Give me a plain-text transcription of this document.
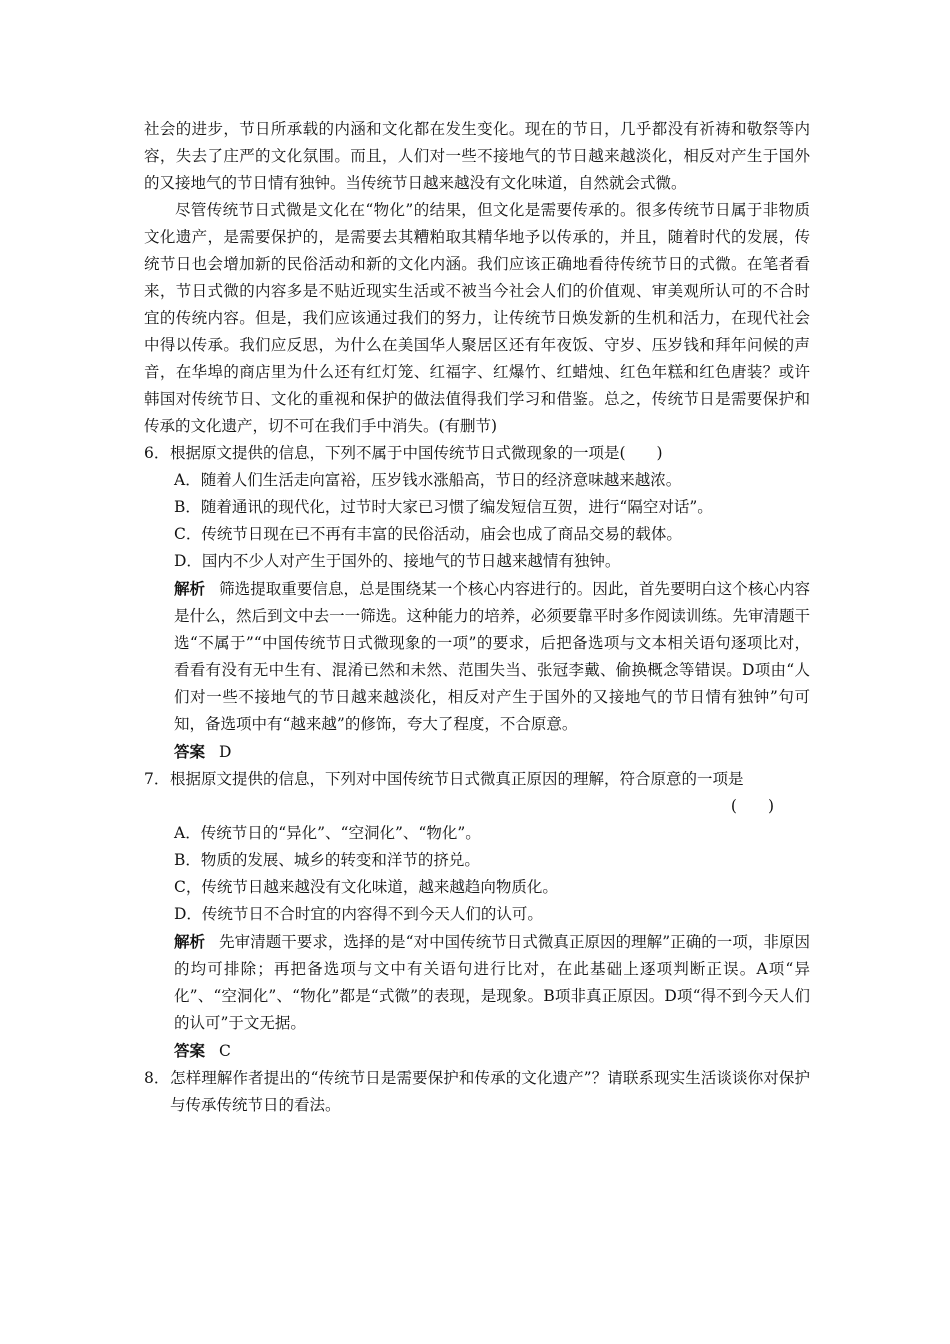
社会的进步，节日所承载的内涵和文化都在发生变化。现在的节日，几乎都没有祈祷和敬祭等内容，失去了庄严的文化氛围。而且，人们对一些不接地气的节日越来越淡化，相反对产生于国外的又接地气的节日情有独钟。当传统节日越来越没有文化味道，自然就会式微。

尽管传统节日式微是文化在“物化”的结果，但文化是需要传承的。很多传统节日属于非物质文化遗产，是需要保护的，是需要去其糟粕取其精华地予以传承的，并且，随着时代的发展，传统节日也会增加新的民俗活动和新的文化内涵。我们应该正确地看待传统节日的式微。在笔者看来，节日式微的内容多是不贴近现实生活或不被当今社会人们的价值观、审美观所认可的不合时宜的传统内容。但是，我们应该通过我们的努力，让传统节日焕发新的生机和活力，在现代社会中得以传承。我们应反思，为什么在美国华人聚居区还有年夜饭、守岁、压岁钱和拜年问候的声音，在华埠的商店里为什么还有红灯笼、红福字、红爆竹、红蜡烛、红色年糕和红色唐装？或许韩国对传统节日、文化的重视和保护的做法值得我们学习和借鉴。总之，传统节日是需要保护和传承的文化遗产，切不可在我们手中消失。(有删节)

6．根据原文提供的信息，下列不属于中国传统节日式微现象的一项是(　　)

A．随着人们生活走向富裕，压岁钱水涨船高，节日的经济意味越来越浓。

B．随着通讯的现代化，过节时大家已习惯了编发短信互贺，进行“隔空对话”。

C．传统节日现在已不再有丰富的民俗活动，庙会也成了商品交易的载体。

D．国内不少人对产生于国外的、接地气的节日越来越情有独钟。

解析 筛选提取重要信息，总是围绕某一个核心内容进行的。因此，首先要明白这个核心内容是什么，然后到文中去一一筛选。这种能力的培养，必须要靠平时多作阅读训练。先审清题干选“不属于”“中国传统节日式微现象的一项”的要求，后把备选项与文本相关语句逐项比对，看看有没有无中生有、混淆已然和未然、范围失当、张冠李戴、偷换概念等错误。D项由“人们对一些不接地气的节日越来越淡化，相反对产生于国外的又接地气的节日情有独钟”句可知，备选项中有“越来越”的修饰，夸大了程度，不合原意。

答案 D

7．根据原文提供的信息，下列对中国传统节日式微真正原因的理解，符合原意的一项是

(　　)

A．传统节日的“异化”、“空洞化”、“物化”。

B．物质的发展、城乡的转变和洋节的挤兑。

C，传统节日越来越没有文化味道，越来越趋向物质化。

D．传统节日不合时宜的内容得不到今天人们的认可。

解析 先审清题干要求，选择的是“对中国传统节日式微真正原因的理解”正确的一项，非原因的均可排除；再把备选项与文中有关语句进行比对，在此基础上逐项判断正误。A项“异化”、“空洞化”、“物化”都是“式微”的表现，是现象。B项非真正原因。D项“得不到今天人们的认可”于文无据。

答案 C

8．怎样理解作者提出的“传统节日是需要保护和传承的文化遗产”？请联系现实生活谈谈你对保护与传承传统节日的看法。
